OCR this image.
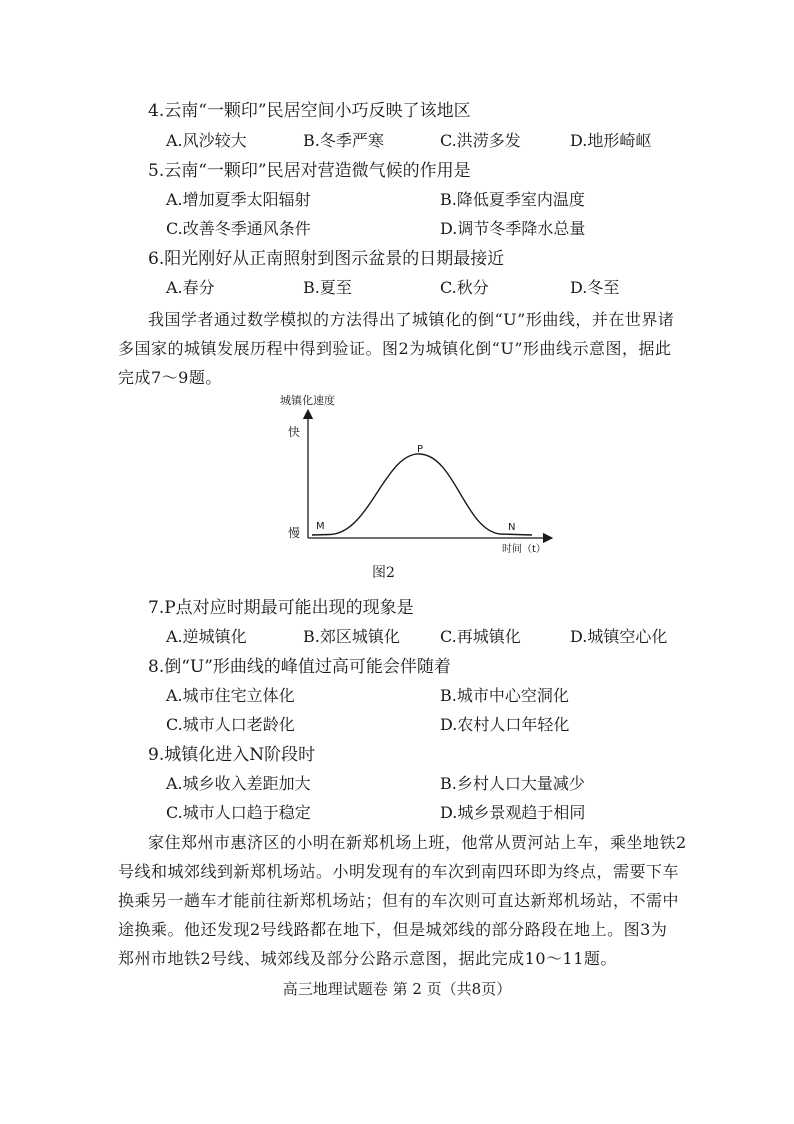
4.云南“一颗印”民居空间小巧反映了该地区
A.风沙较大	B.冬季严寒	C.洪涝多发	D.地形崎岖
5.云南“一颗印”民居对营造微气候的作用是
A.增加夏季太阳辐射	B.降低夏季室内温度
C.改善冬季通风条件	D.调节冬季降水总量
6.阳光刚好从正南照射到图示盆景的日期最接近
A.春分	B.夏至	C.秋分	D.冬至
我国学者通过数学模拟的方法得出了城镇化的倒“U”形曲线，并在世界诸
多国家的城镇发展历程中得到验证。图2为城镇化倒“U”形曲线示意图，据此
完成7～9题。
城镇化速度
快
慢 M
P
N
时间（t）
图2
7.P点对应时期最可能出现的现象是
A.逆城镇化	B.郊区城镇化	C.再城镇化	D.城镇空心化
8.倒“U”形曲线的峰值过高可能会伴随着
A.城市住宅立体化	B.城市中心空洞化
C.城市人口老龄化	D.农村人口年轻化
9.城镇化进入N阶段时
A.城乡收入差距加大	B.乡村人口大量减少
C.城市人口趋于稳定	D.城乡景观趋于相同
家住郑州市惠济区的小明在新郑机场上班，他常从贾河站上车，乘坐地铁2
号线和城郊线到新郑机场站。小明发现有的车次到南四环即为终点，需要下车
换乘另一趟车才能前往新郑机场站；但有的车次则可直达新郑机场站，不需中
途换乘。他还发现2号线路都在地下，但是城郊线的部分路段在地上。图3为
郑州市地铁2号线、城郊线及部分公路示意图，据此完成10～11题。
高三地理试题卷 第 2 页（共8页）
